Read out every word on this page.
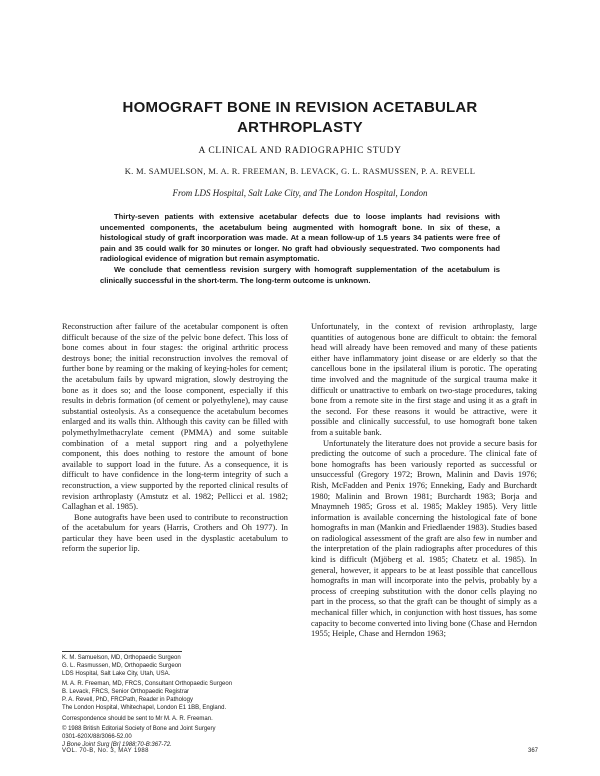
HOMOGRAFT BONE IN REVISION ACETABULAR ARTHROPLASTY
A CLINICAL AND RADIOGRAPHIC STUDY
K. M. SAMUELSON, M. A. R. FREEMAN, B. LEVACK, G. L. RASMUSSEN, P. A. REVELL
From LDS Hospital, Salt Lake City, and The London Hospital, London

Thirty-seven patients with extensive acetabular defects due to loose implants had revisions with uncemented components, the acetabulum being augmented with homograft bone. In six of these, a histological study of graft incorporation was made. At a mean follow-up of 1.5 years 34 patients were free of pain and 35 could walk for 30 minutes or longer. No graft had obviously sequestrated. Two components had radiological evidence of migration but remain asymptomatic.

We conclude that cementless revision surgery with homograft supplementation of the acetabulum is clinically successful in the short-term. The long-term outcome is unknown.

Reconstruction after failure of the acetabular component is often difficult because of the size of the pelvic bone defect. This loss of bone comes about in four stages: the original arthritic process destroys bone; the initial reconstruction involves the removal of further bone by reaming or the making of keying-holes for cement; the acetabulum fails by upward migration, slowly destroying the bone as it does so; and the loose component, especially if this results in debris formation (of cement or polyethylene), may cause substantial osteolysis. As a consequence the acetabulum becomes enlarged and its walls thin. Although this cavity can be filled with polymethylmethacrylate cement (PMMA) and some suitable combination of a metal support ring and a polyethylene component, this does nothing to restore the amount of bone available to support load in the future. As a consequence, it is difficult to have confidence in the long-term integrity of such a reconstruction, a view supported by the reported clinical results of revision arthroplasty (Amstutz et al. 1982; Pellicci et al. 1982; Callaghan et al. 1985).

Bone autografts have been used to contribute to reconstruction of the acetabulum for years (Harris, Crothers and Oh 1977). In particular they have been used in the dysplastic acetabulum to reform the superior lip.

Unfortunately, in the context of revision arthroplasty, large quantities of autogenous bone are difficult to obtain: the femoral head will already have been removed and many of these patients either have inflammatory joint disease or are elderly so that the cancellous bone in the ipsilateral ilium is porotic. The operating time involved and the magnitude of the surgical trauma make it difficult or unattractive to embark on two-stage procedures, taking bone from a remote site in the first stage and using it as a graft in the second. For these reasons it would be attractive, were it possible and clinically successful, to use homograft bone taken from a suitable bank.

Unfortunately the literature does not provide a secure basis for predicting the outcome of such a procedure. The clinical fate of bone homografts has been variously reported as successful or unsuccessful (Gregory 1972; Brown, Malinin and Davis 1976; Rish, McFadden and Penix 1976; Enneking, Eady and Burchardt 1980; Malinin and Brown 1981; Burchardt 1983; Borja and Mnaymneh 1985; Gross et al. 1985; Makley 1985). Very little information is available concerning the histological fate of bone homografts in man (Mankin and Friedlaender 1983). Studies based on radiological assessment of the graft are also few in number and the interpretation of the plain radiographs after procedures of this kind is difficult (Mjöberg et al. 1985; Chatetz et al. 1985). In general, however, it appears to be at least possible that cancellous homografts in man will incorporate into the pelvis, probably by a process of creeping substitution with the donor cells playing no part in the process, so that the graft can be thought of simply as a mechanical filler which, in conjunction with host tissues, has some capacity to become converted into living bone (Chase and Herndon 1955; Heiple, Chase and Herndon 1963;

K. M. Samuelson, MD, Orthopaedic Surgeon
G. L. Rasmussen, MD, Orthopaedic Surgeon
LDS Hospital, Salt Lake City, Utah, USA.

M. A. R. Freeman, MD, FRCS, Consultant Orthopaedic Surgeon
B. Levack, FRCS, Senior Orthopaedic Registrar
P. A. Revell, PhD, FRCPath, Reader in Pathology
The London Hospital, Whitechapel, London E1 1BB, England.

Correspondence should be sent to Mr M. A. R. Freeman.

© 1988 British Editorial Society of Bone and Joint Surgery
0301-620X/88/3066-52.00
J Bone Joint Surg [Br] 1988;70-B:367-72.

VOL. 70-B, No. 3, MAY 1988	367
